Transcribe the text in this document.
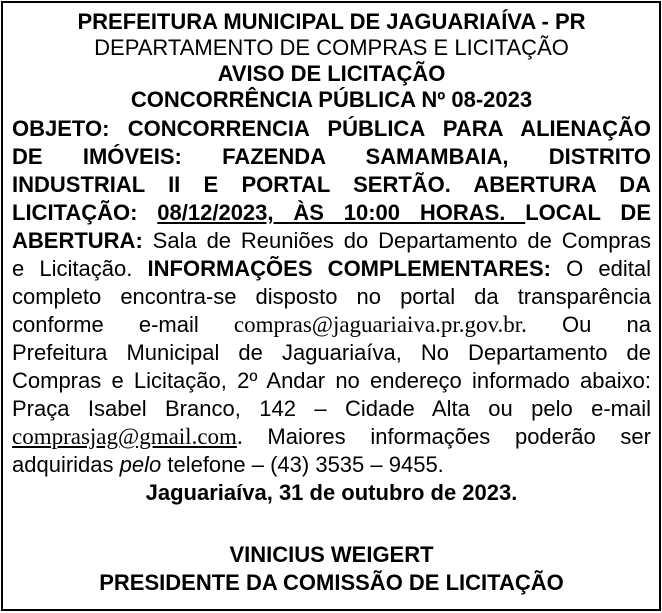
PREFEITURA MUNICIPAL DE JAGUARIAÍVA - PR
DEPARTAMENTO DE COMPRAS E LICITAÇÃO
AVISO DE LICITAÇÃO
CONCORRÊNCIA PÚBLICA Nº 08-2023
OBJETO: CONCORRENCIA PÚBLICA PARA ALIENAÇÃO
DE IMÓVEIS: FAZENDA SAMAMBAIA, DISTRITO
INDUSTRIAL II E PORTAL SERTÃO. ABERTURA DA
LICITAÇÃO: 08/12/2023, ÀS 10:00 HORAS. LOCAL DE
ABERTURA: Sala de Reuniões do Departamento de Compras
e Licitação. INFORMAÇÕES COMPLEMENTARES: O edital
completo encontra-se disposto no portal da transparência
conforme e-mail compras@jaguariaiva.pr.gov.br. Ou na
Prefeitura Municipal de Jaguariaíva, No Departamento de
Compras e Licitação, 2º Andar no endereço informado abaixo:
Praça Isabel Branco, 142 – Cidade Alta ou pelo e-mail
comprasjag@gmail.com. Maiores informações poderão ser
adquiridas pelo telefone – (43) 3535 – 9455.
Jaguariaíva, 31 de outubro de 2023.
VINICIUS WEIGERT
PRESIDENTE DA COMISSÃO DE LICITAÇÃO
